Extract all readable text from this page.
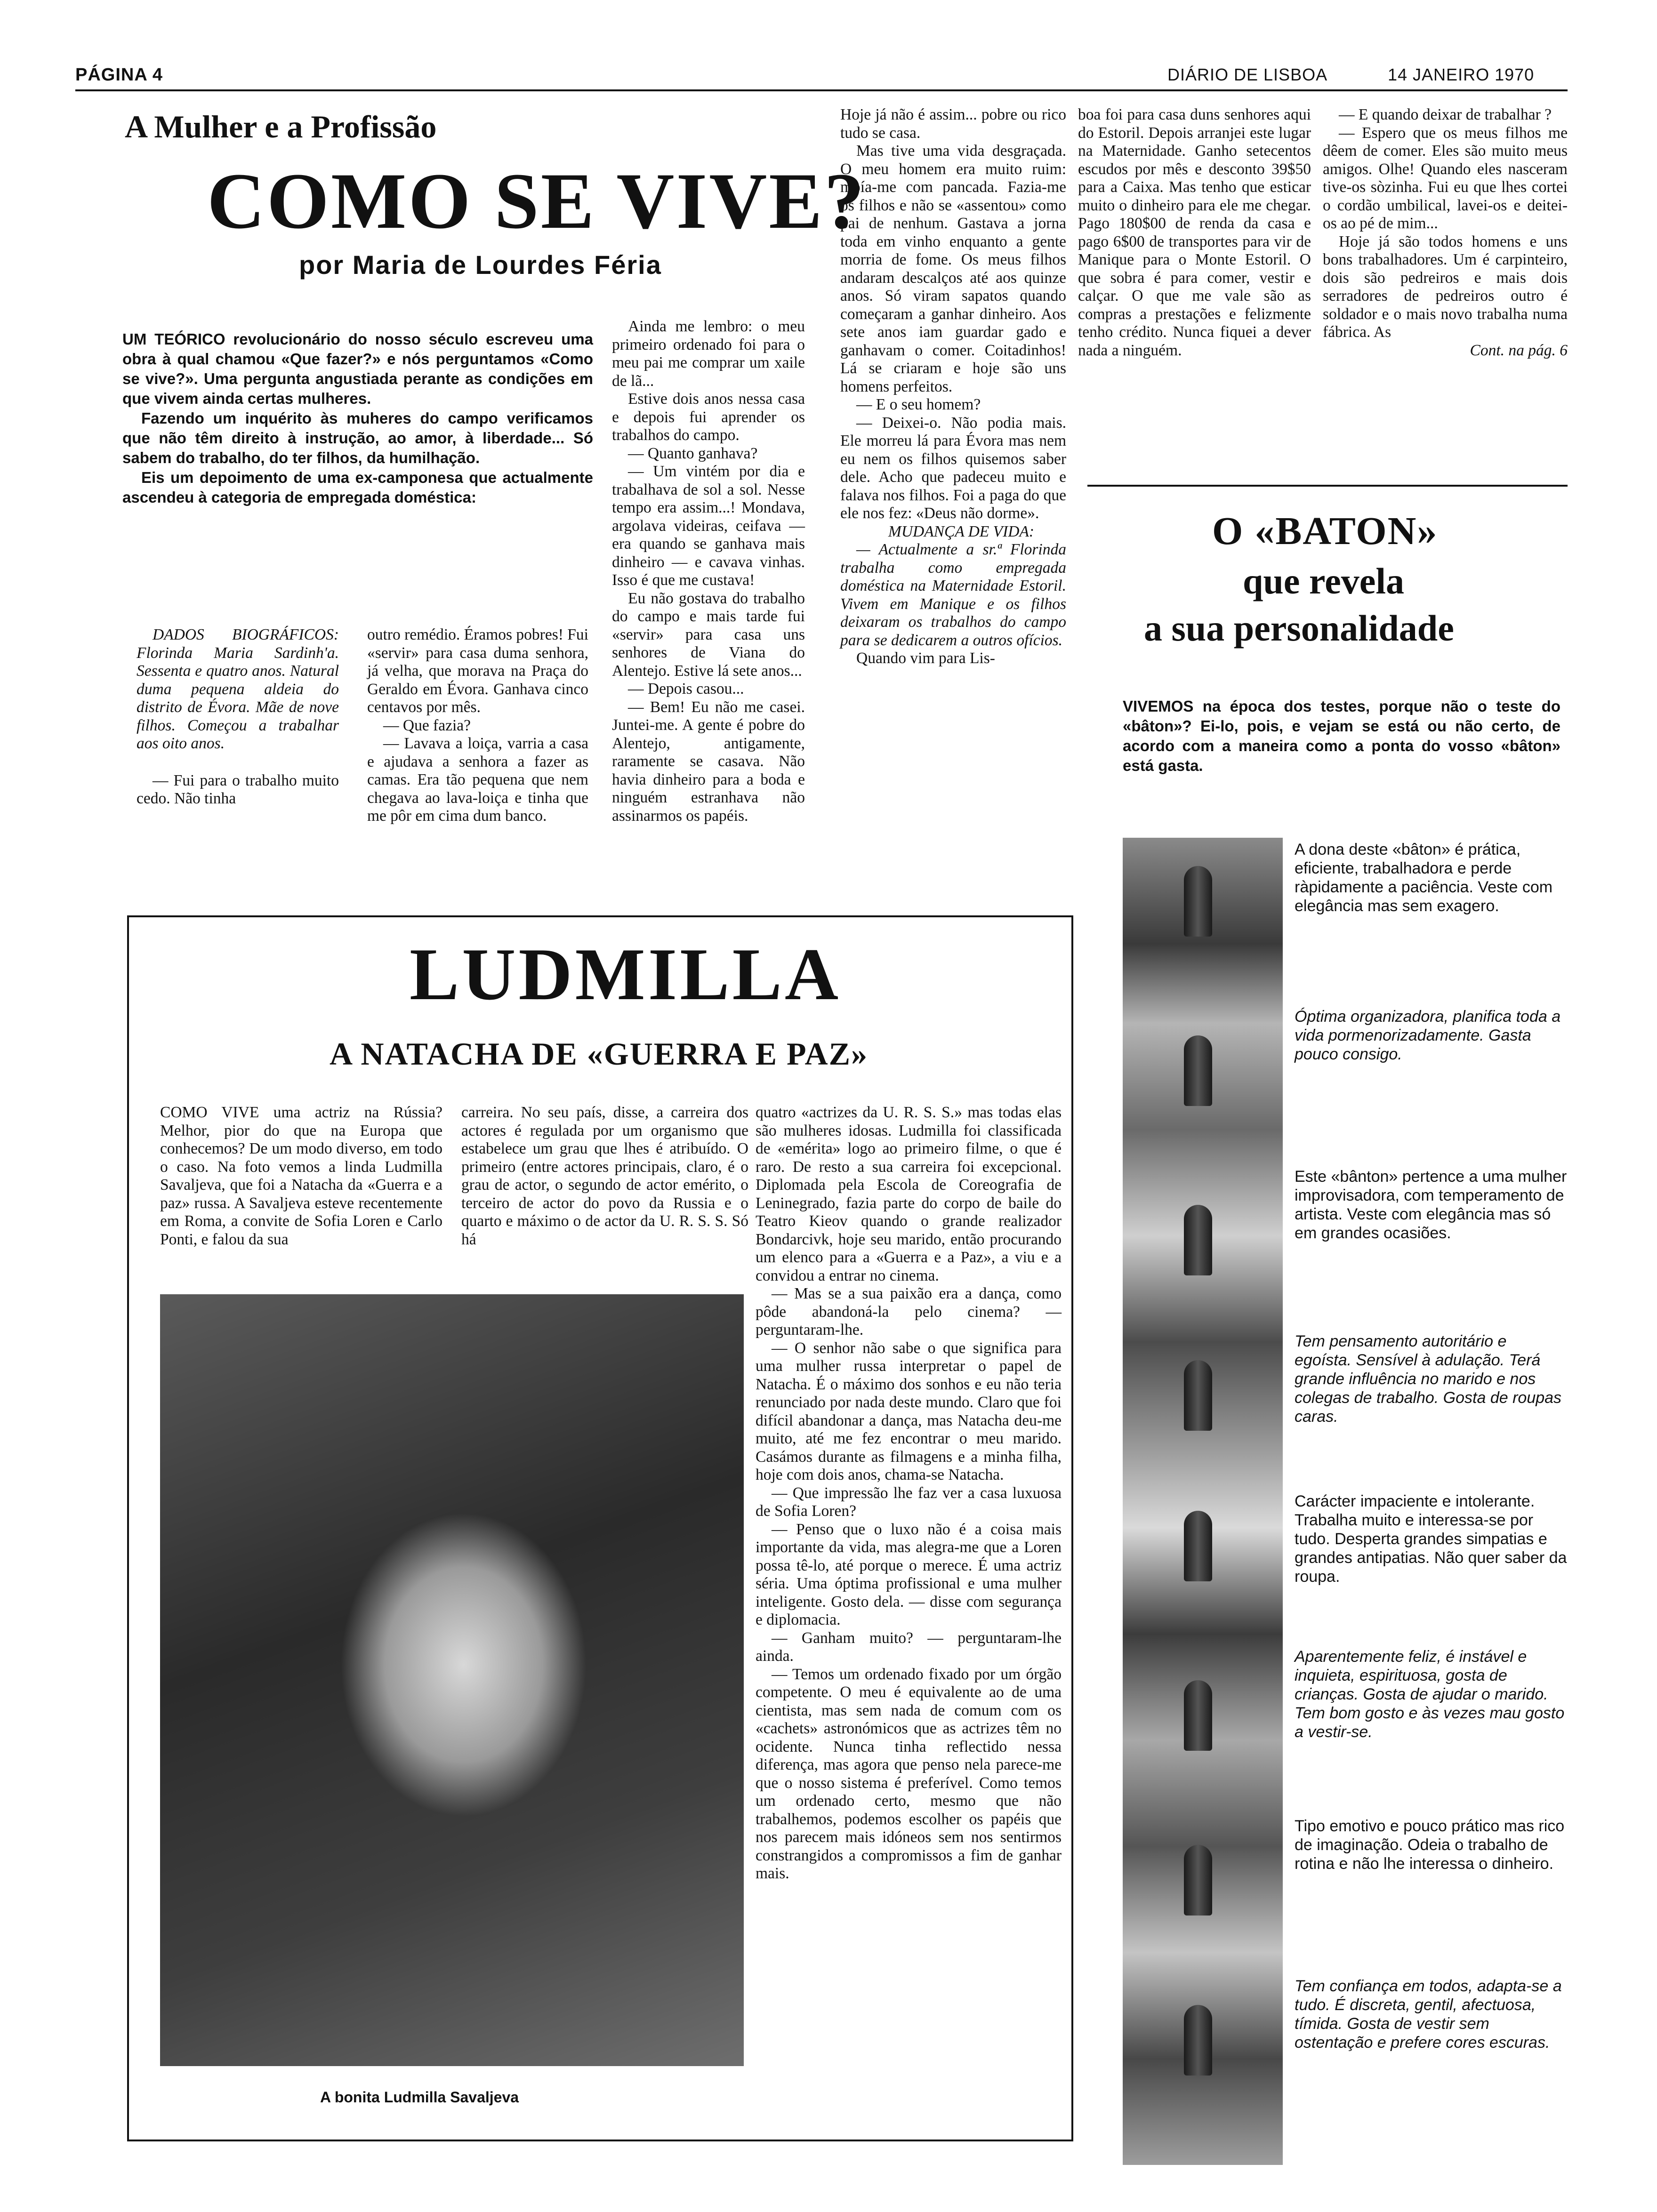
PÁGINA 4	DIÁRIO DE LISBOA	14 JANEIRO 1970
A Mulher e a Profissão
COMO SE VIVE?
por Maria de Lourdes Féria

UM TEÓRICO revolucionário do nosso século escreveu uma obra à qual chamou «Que fazer?» e nós perguntamos «Como se vive?». Uma pergunta angustiada perante as condições em que vivem ainda certas mulheres.

Fazendo um inquérito às muheres do campo verificamos que não têm direito à instrução, ao amor, à liberdade... Só sabem do trabalho, do ter filhos, da humilhação.

Eis um depoimento de uma ex-camponesa que actualmente ascendeu à categoria de empregada doméstica:

DADOS BIOGRÁFICOS: Florinda Maria Sardinh'a. Sessenta e quatro anos. Natural duma pequena aldeia do distrito de Évora. Mãe de nove filhos. Começou a trabalhar aos oito anos.

— Fui para o trabalho muito cedo. Não tinha

outro remédio. Éramos pobres! Fui «servir» para casa duma senhora, já velha, que morava na Praça do Geraldo em Évora. Ganhava cinco centavos por mês.

— Que fazia?

— Lavava a loiça, varria a casa e ajudava a senhora a fazer as camas. Era tão pequena que nem chegava ao lava-loiça e tinha que me pôr em cima dum banco.

Ainda me lembro: o meu primeiro ordenado foi para o meu pai me comprar um xaile de lã...

Estive dois anos nessa casa e depois fui aprender os trabalhos do campo.

— Quanto ganhava?

— Um vintém por dia e trabalhava de sol a sol. Nesse tempo era assim...! Mondava, argolava videiras, ceifava — era quando se ganhava mais dinheiro — e cavava vinhas. Isso é que me custava!

Eu não gostava do trabalho do campo e mais tarde fui «servir» para casa uns senhores de Viana do Alentejo. Estive lá sete anos...

— Depois casou...

— Bem! Eu não me casei. Juntei-me. A gente é pobre do Alentejo, antigamente, raramente se casava. Não havia dinheiro para a boda e ninguém estranhava não assinarmos os papéis.

Hoje já não é assim... pobre ou rico tudo se casa.

Mas tive uma vida desgraçada. O meu homem era muito ruim: moía-me com pancada. Fazia-me os filhos e não se «assentou» como pai de nenhum. Gastava a jorna toda em vinho enquanto a gente morria de fome. Os meus filhos andaram descalços até aos quinze anos. Só viram sapatos quando começaram a ganhar dinheiro. Aos sete anos iam guardar gado e ganhavam o comer. Coitadinhos! Lá se criaram e hoje são uns homens perfeitos.

— E o seu homem?

— Deixei-o. Não podia mais. Ele morreu lá para Évora mas nem eu nem os filhos quisemos saber dele. Acho que padeceu muito e falava nos filhos. Foi a paga do que ele nos fez: «Deus não dorme».

MUDANÇA DE VIDA:

— Actualmente a sr.ª Florinda trabalha como empregada doméstica na Maternidade Estoril. Vivem em Manique e os filhos deixaram os trabalhos do campo para se dedicarem a outros ofícios.

Quando vim para Lis-

boa foi para casa duns senhores aqui do Estoril. Depois arranjei este lugar na Maternidade. Ganho setecentos escudos por mês e desconto 39$50 para a Caixa. Mas tenho que esticar muito o dinheiro para ele me chegar. Pago 180$00 de renda da casa e pago 6$00 de transportes para vir de Manique para o Monte Estoril. O que sobra é para comer, vestir e calçar. O que me vale são as compras a prestações e felizmente tenho crédito. Nunca fiquei a dever nada a ninguém.

— E quando deixar de trabalhar ?

— Espero que os meus filhos me dêem de comer. Eles são muito meus amigos. Olhe! Quando eles nasceram tive-os sòzinha. Fui eu que lhes cortei o cordão umbilical, lavei-os e deitei-os ao pé de mim...

Hoje já são todos homens e uns bons trabalhadores. Um é carpinteiro, dois são pedreiros e mais dois serradores de pedreiros outro é soldador e o mais novo trabalha numa fábrica. As

Cont. na pág. 6

O «BATON»
que revela
a sua personalidade
VIVEMOS na época dos testes, porque não o teste do «bâton»? Ei-lo, pois, e vejam se está ou não certo, de acordo com a maneira como a ponta do vosso «bâton» está gasta.
A dona deste «bâton» é prática, eficiente, trabalhadora e perde ràpidamente a paciência. Veste com elegância mas sem exagero.
Óptima organizadora, planifica toda a vida pormenorizadamente. Gasta pouco consigo.
Este «bânton» pertence a uma mulher improvisadora, com temperamento de artista. Veste com elegância mas só em grandes ocasiões.
Tem pensamento autoritário e egoísta. Sensível à adulação. Terá grande influência no marido e nos colegas de trabalho. Gosta de roupas caras.
Carácter impaciente e intolerante. Trabalha muito e interessa-se por tudo. Desperta grandes simpatias e grandes antipatias. Não quer saber da roupa.
Aparentemente feliz, é instável e inquieta, espirituosa, gosta de crianças. Gosta de ajudar o marido. Tem bom gosto e às vezes mau gosto a vestir-se.
Tipo emotivo e pouco prático mas rico de imaginação. Odeia o trabalho de rotina e não lhe interessa o dinheiro.
Tem confiança em todos, adapta-se a tudo. É discreta, gentil, afectuosa, tímida. Gosta de vestir sem ostentação e prefere cores escuras.
LUDMILLA
A NATACHA DE «GUERRA E PAZ»

COMO VIVE uma actriz na Rússia? Melhor, pior do que na Europa que conhecemos? De um modo diverso, em todo o caso. Na foto vemos a linda Ludmilla Savaljeva, que foi a Natacha da «Guerra e a paz» russa. A Savaljeva esteve recentemente em Roma, a convite de Sofia Loren e Carlo Ponti, e falou da sua

carreira. No seu país, disse, a carreira dos actores é regulada por um organismo que estabelece um grau que lhes é atribuído. O primeiro (entre actores principais, claro, é o grau de actor, o segundo de actor emérito, o terceiro de actor do povo da Russia e o quarto e máximo o de actor da U. R. S. S. Só há

quatro «actrizes da U. R. S. S.» mas todas elas são mulheres idosas. Ludmilla foi classificada de «emérita» logo ao primeiro filme, o que é raro. De resto a sua carreira foi excepcional. Diplomada pela Escola de Coreografia de Leninegrado, fazia parte do corpo de baile do Teatro Kieov quando o grande realizador Bondarcivk, hoje seu marido, então procurando um elenco para a «Guerra e a Paz», a viu e a convidou a entrar no cinema.

— Mas se a sua paixão era a dança, como pôde abandoná-la pelo cinema? — perguntaram-lhe.

— O senhor não sabe o que significa para uma mulher russa interpretar o papel de Natacha. É o máximo dos sonhos e eu não teria renunciado por nada deste mundo. Claro que foi difícil abandonar a dança, mas Natacha deu-me muito, até me fez encontrar o meu marido. Casámos durante as filmagens e a minha filha, hoje com dois anos, chama-se Natacha.

— Que impressão lhe faz ver a casa luxuosa de Sofia Loren?

— Penso que o luxo não é a coisa mais importante da vida, mas alegra-me que a Loren possa tê-lo, até porque o merece. É uma actriz séria. Uma óptima profissional e uma mulher inteligente. Gosto dela. — disse com segurança e diplomacia.

— Ganham muito? — perguntaram-lhe ainda.

— Temos um ordenado fixado por um órgão competente. O meu é equivalente ao de uma cientista, mas sem nada de comum com os «cachets» astronómicos que as actrizes têm no ocidente. Nunca tinha reflectido nessa diferença, mas agora que penso nela parece-me que o nosso sistema é preferível. Como temos um ordenado certo, mesmo que não trabalhemos, podemos escolher os papéis que nos parecem mais idóneos sem nos sentirmos constrangidos a compromissos a fim de ganhar mais.

A bonita Ludmilla Savaljeva
